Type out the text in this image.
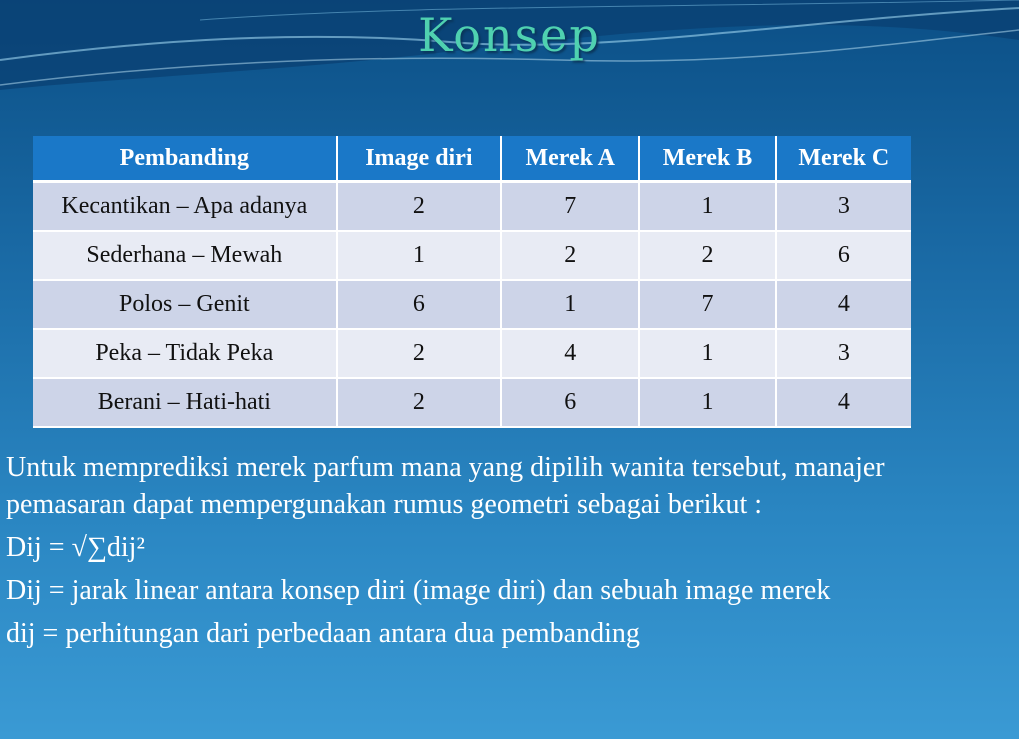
Konsep
Pembanding	Image diri	Merek A	Merek B	Merek C
Kecantikan – Apa adanya	2	7	1	3
Sederhana – Mewah	1	2	2	6
Polos – Genit	6	1	7	4
Peka – Tidak Peka	2	4	1	3
Berani – Hati-hati	2	6	1	4

Untuk memprediksi merek parfum mana yang dipilih wanita tersebut, manajer pemasaran dapat mempergunakan rumus geometri sebagai berikut :

Dij = √∑dij²

Dij = jarak linear antara konsep diri (image diri) dan sebuah image merek

dij = perhitungan dari perbedaan antara dua pembanding
